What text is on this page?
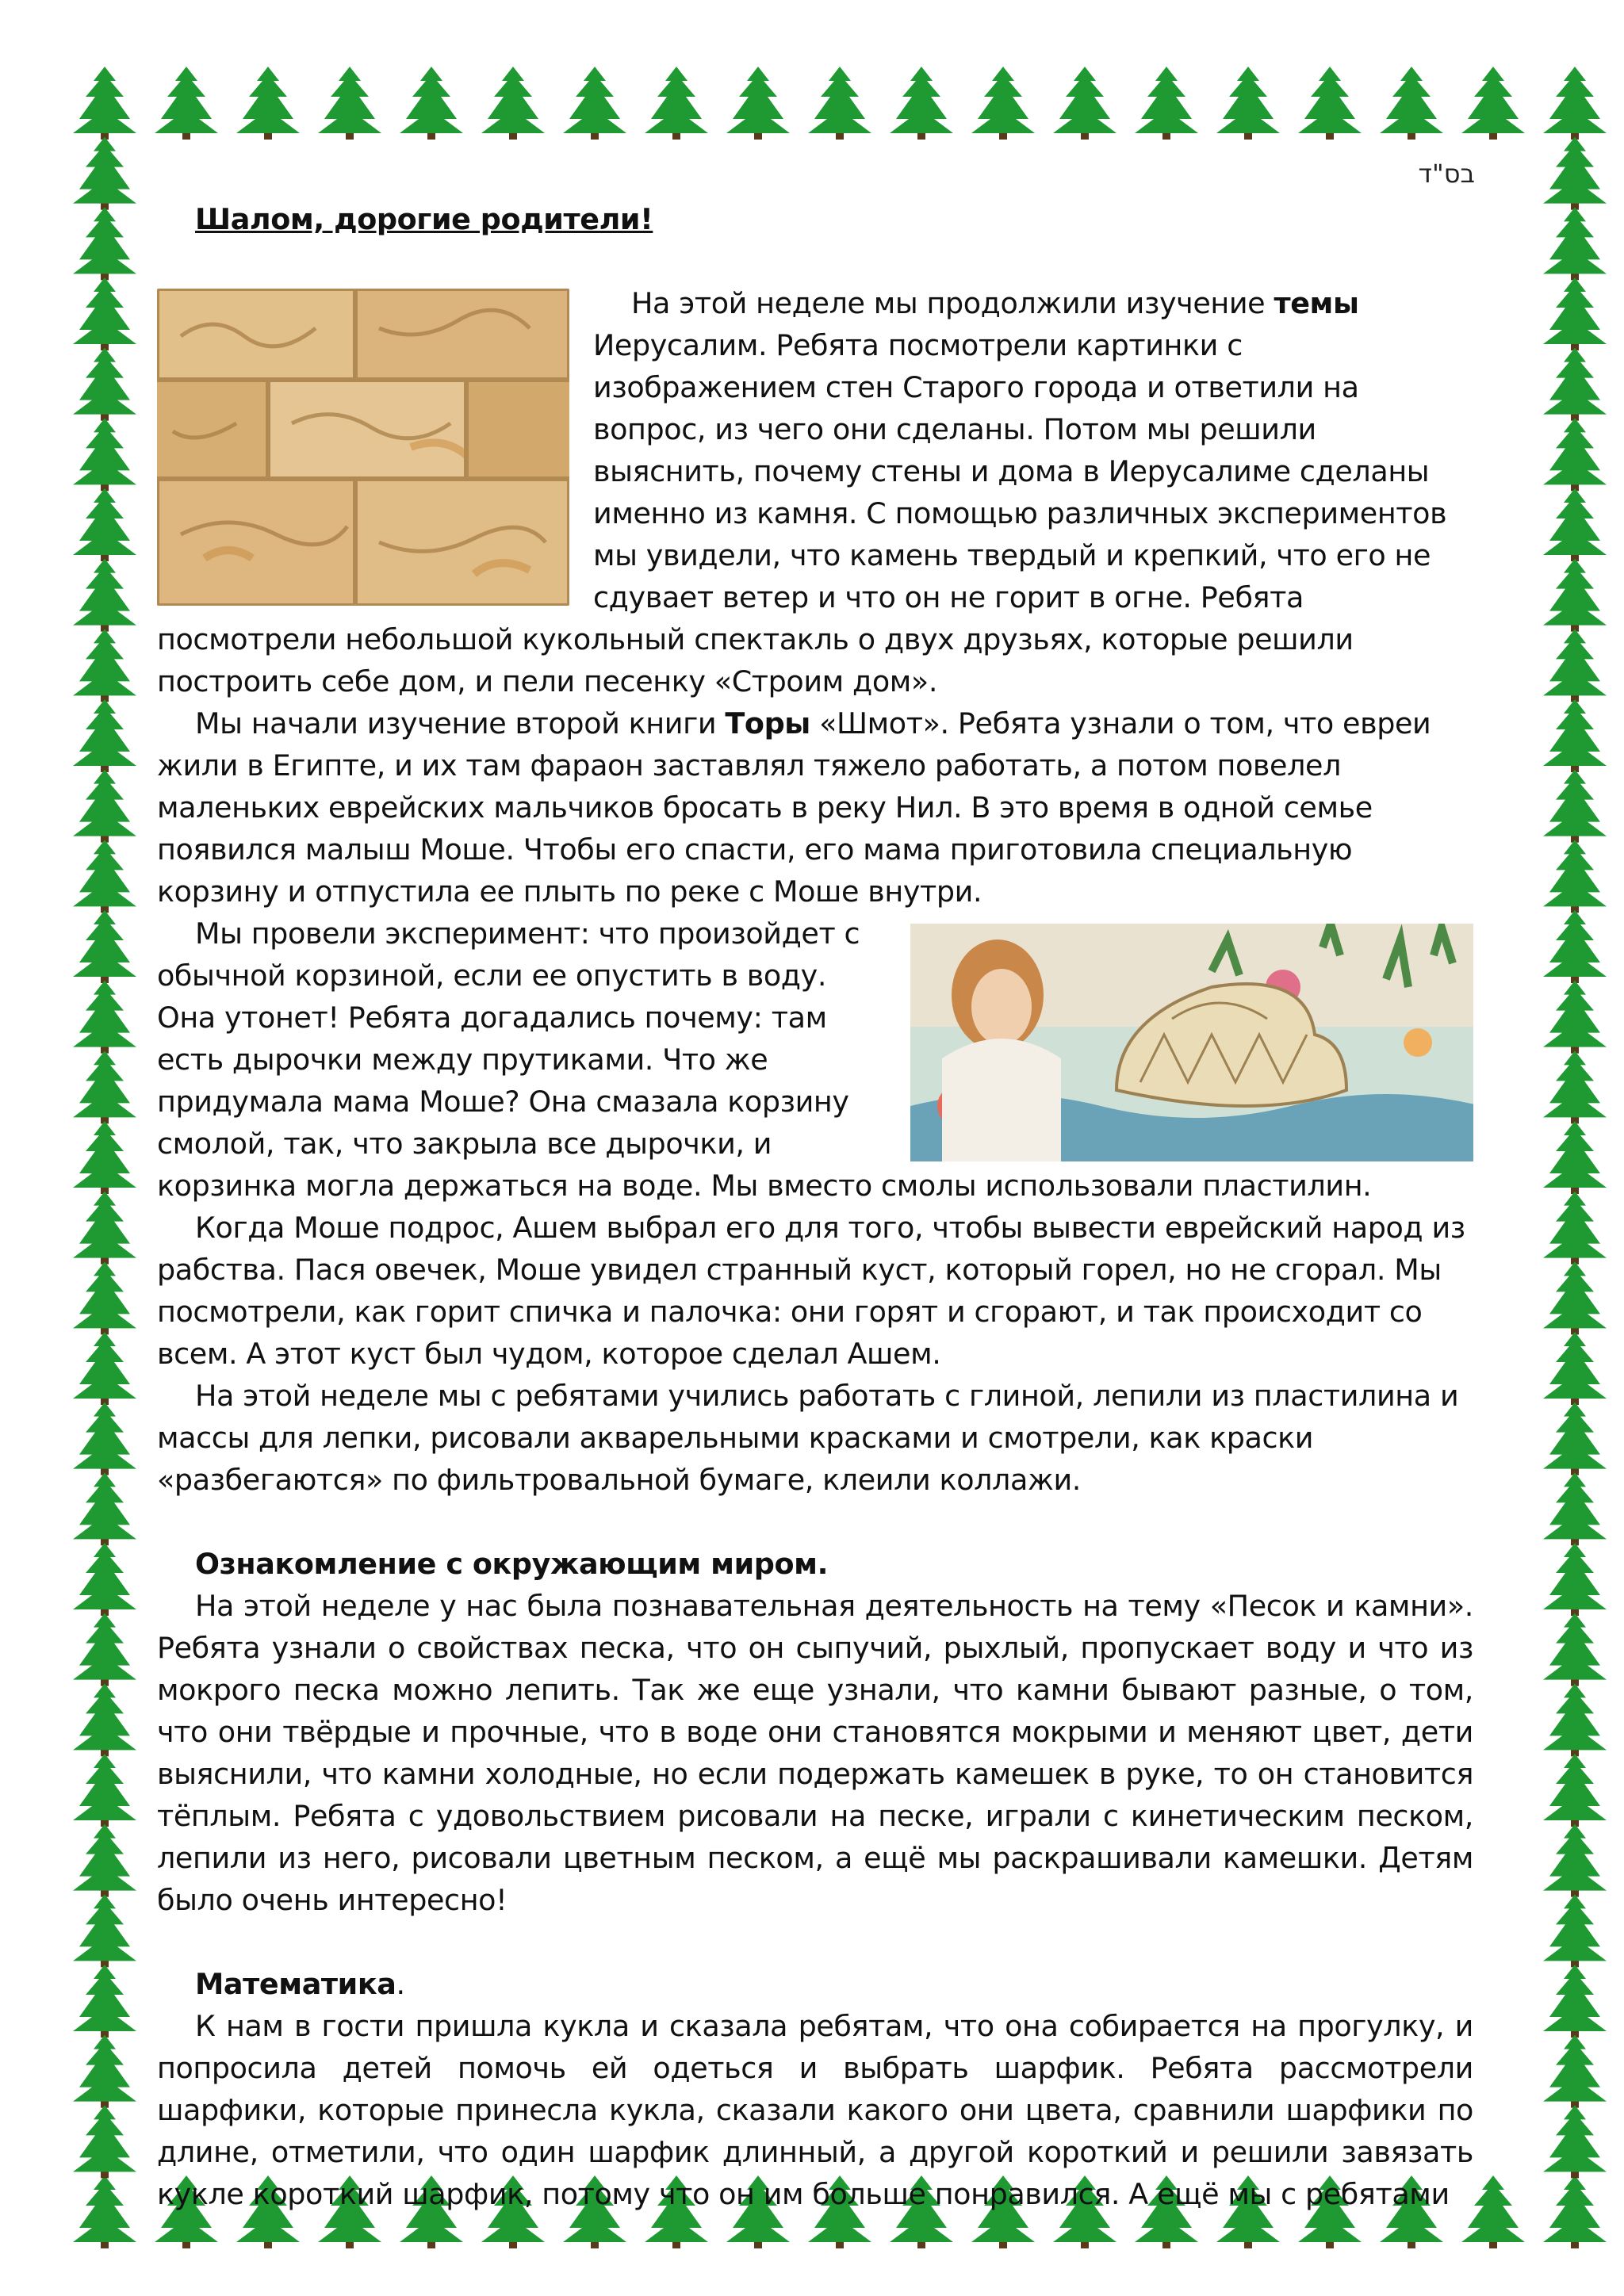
בס"ד

Шалом, дорогие родители!

На этой неделе мы продолжили изучение темы Иерусалим. Ребята посмотрели картинки с изображением стен Старого города и ответили на вопрос, из чего они сделаны. Потом мы решили выяснить, почему стены и дома в Иерусалиме сделаны именно из камня. С помощью различных экспериментов мы увидели, что камень твердый и крепкий, что его не сдувает ветер и что он не горит в огне. Ребята посмотрели небольшой кукольный спектакль о двух друзьях, которые решили построить себе дом, и пели песенку «Строим дом».

Мы начали изучение второй книги Торы «Шмот». Ребята узнали о том, что евреи жили в Египте, и их там фараон заставлял тяжело работать, а потом повелел маленьких еврейских мальчиков бросать в реку Нил. В это время в одной семье появился малыш Моше. Чтобы его спасти, его мама приготовила специальную корзину и отпустила ее плыть по реке с Моше внутри.

Мы провели эксперимент: что произойдет с обычной корзиной, если ее опустить в воду. Она утонет! Ребята догадались почему: там есть дырочки между прутиками. Что же придумала мама Моше? Она смазала корзину смолой, так, что закрыла все дырочки, и корзинка могла держаться на воде. Мы вместо смолы использовали пластилин.

Когда Моше подрос, Ашем выбрал его для того, чтобы вывести еврейский народ из рабства. Пася овечек, Моше увидел странный куст, который горел, но не сгорал. Мы посмотрели, как горит спичка и палочка: они горят и сгорают, и так происходит со всем. А этот куст был чудом, которое сделал Ашем.

На этой неделе мы с ребятами учились работать с глиной, лепили из пластилина и массы для лепки, рисовали акварельными красками и смотрели, как краски «разбегаются» по фильтровальной бумаге, клеили коллажи.

Ознакомление с окружающим миром.

На этой неделе у нас была познавательная деятельность на тему «Песок и камни». Ребята узнали о свойствах песка, что он сыпучий, рыхлый, пропускает воду и что из мокрого песка можно лепить. Так же еще узнали, что камни бывают разные, о том, что они твёрдые и прочные, что в воде они становятся мокрыми и меняют цвет, дети выяснили, что камни холодные, но если подержать камешек в руке, то он становится тёплым. Ребята с удовольствием рисовали на песке, играли с кинетическим песком, лепили из него, рисовали цветным песком, а ещё мы раскрашивали камешки. Детям было очень интересно!

Математика.

К нам в гости пришла кукла и сказала ребятам, что она собирается на прогулку, и попросила детей помочь ей одеться и выбрать шарфик. Ребята рассмотрели шарфики, которые принесла кукла, сказали какого они цвета, сравнили шарфики по длине, отметили, что один шарфик длинный, а другой короткий и решили завязать кукле короткий шарфик, потому что он им больше понравился. А ещё мы с ребятами
